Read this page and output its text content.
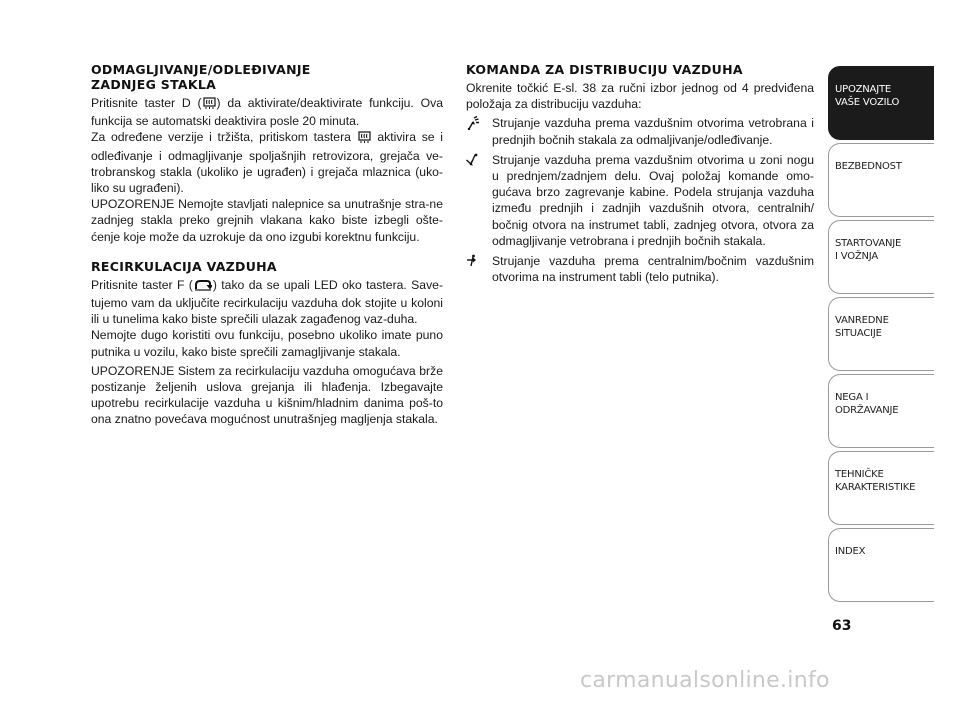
ODMAGLJIVANJE/ODLEĐIVANJE
ZADNJEG STAKLA

Pritisnite taster D ( ) da aktivirate/deaktivirate funkciju. Ova funkcija se automatski deaktivira posle 20 minuta.

Za određene verzije i tržišta, pritiskom tastera  aktivira se i odleđivanje i odmagljivanje spoljašnjih retrovizora, grejača ve-trobranskog stakla (ukoliko je ugrađen) i grejača mlaznica (uko-liko su ugrađeni).

UPOZORENJE Nemojte stavljati nalepnice sa unutrašnje stra-ne zadnjeg stakla preko grejnih vlakana kako biste izbegli ošte-ćenje koje može da uzrokuje da ono izgubi korektnu funkciju.

RECIRKULACIJA VAZDUHA

Pritisnite taster F ( ) tako da se upali LED oko tastera. Save-tujemo vam da uključite recirkulaciju vazduha dok stojite u koloni ili u tunelima kako biste sprečili ulazak zagađenog vaz-duha.

Nemojte dugo koristiti ovu funkciju, posebno ukoliko imate puno putnika u vozilu, kako biste sprečili zamagljivanje stakala.

UPOZORENJE Sistem za recirkulaciju vazduha omogućava brže postizanje željenih uslova grejanja ili hlađenja. Izbegavajte upotrebu recirkulacije vazduha u kišnim/hladnim danima poš-to ona znatno povećava mogućnost unutrašnjeg magljenja stakala.

KOMANDA ZA DISTRIBUCIJU VAZDUHA

Okrenite točkić E-sl. 38 za ručni izbor jednog od 4 predviđena položaja za distribuciju vazduha:

Strujanje vazduha prema vazdušnim otvorima vetrobrana i prednjih bočnih stakala za odmaljivanje/odleđivanje.
Strujanje vazduha prema vazdušnim otvorima u zoni nogu u prednjem/zadnjem delu. Ovaj položaj komande omo-gućava brzo zagrevanje kabine. Podela strujanja vazduha između prednjih i zadnjih vazdušnih otvora, centralnih/ bočnig otvora na instrumet tabli, zadnjeg otvora, otvora za odmagljivanje vetrobrana i prednjih bočnih stakala.
Strujanje vazduha prema centralnim/bočnim vazdušnim otvorima na instrument tabli (telo putnika).
UPOZNAJTE
VAŠE VOZILO
BEZBEDNOST
STARTOVANJE
I VOŽNJA
VANREDNE
SITUACIJE
NEGA I
ODRŽAVANJE
TEHNIČKE
KARAKTERISTIKE
INDEX
63
carmanualsonline.info
